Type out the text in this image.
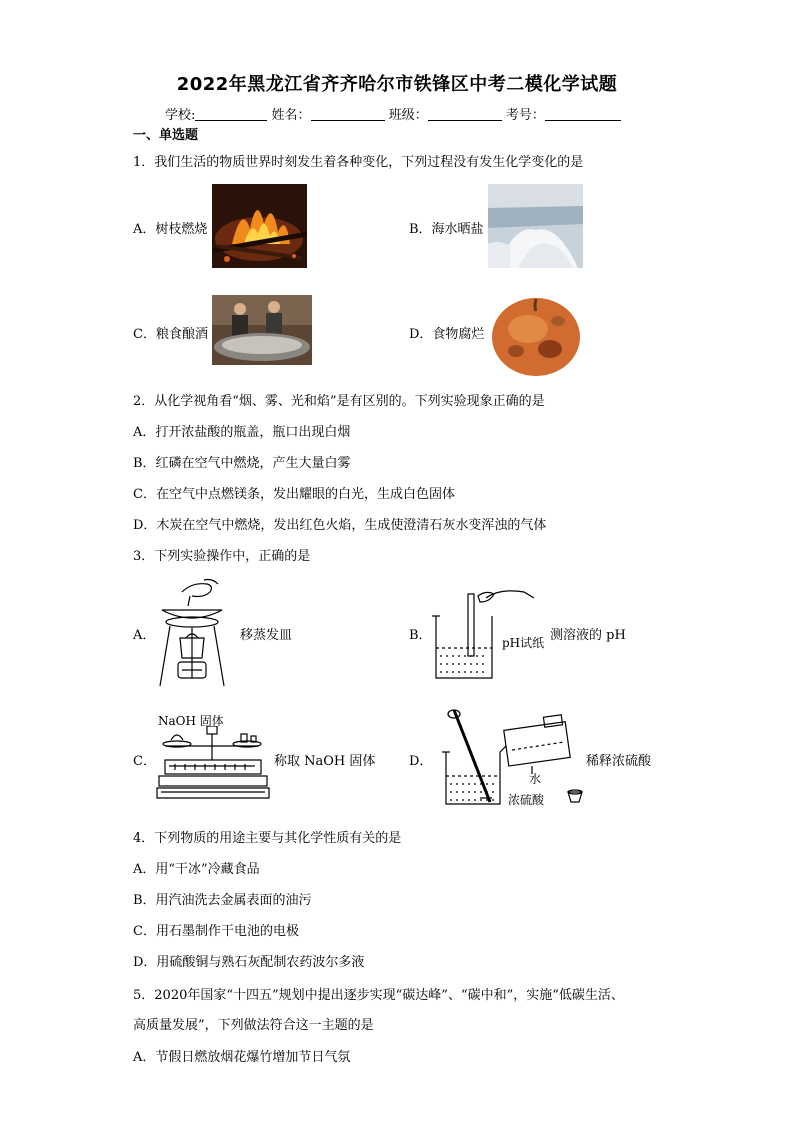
2022年黑龙江省齐齐哈尔市铁锋区中考二模化学试题
学校:	姓名：	班级：	考号：
一、单选题
1．我们生活的物质世界时刻发生着各种变化，下列过程没有发生化学变化的是
A．树枝燃烧	B．海水晒盐
C．粮食酿酒	D．食物腐烂
2．从化学视角看“烟、雾、光和焰”是有区别的。下列实验现象正确的是
A．打开浓盐酸的瓶盖，瓶口出现白烟
B．红磷在空气中燃烧，产生大量白雾
C．在空气中点燃镁条，发出耀眼的白光，生成白色固体
D．木炭在空气中燃烧，发出红色火焰，生成使澄清石灰水变浑浊的气体
3．下列实验操作中，正确的是
A．	移蒸发皿	B．	pH试纸 测溶液的 pH
C．
NaOH 固体
称取 NaOH 固体	D．
水
浓硫酸
稀释浓硫酸
4．下列物质的用途主要与其化学性质有关的是
A．用“干冰”冷藏食品
B．用汽油洗去金属表面的油污
C．用石墨制作干电池的电极
D．用硫酸铜与熟石灰配制农药波尔多液
5．2020年国家“十四五”规划中提出逐步实现“碳达峰”、“碳中和”，实施“低碳生活、
高质量发展”，下列做法符合这一主题的是
A．节假日燃放烟花爆竹增加节日气氛
